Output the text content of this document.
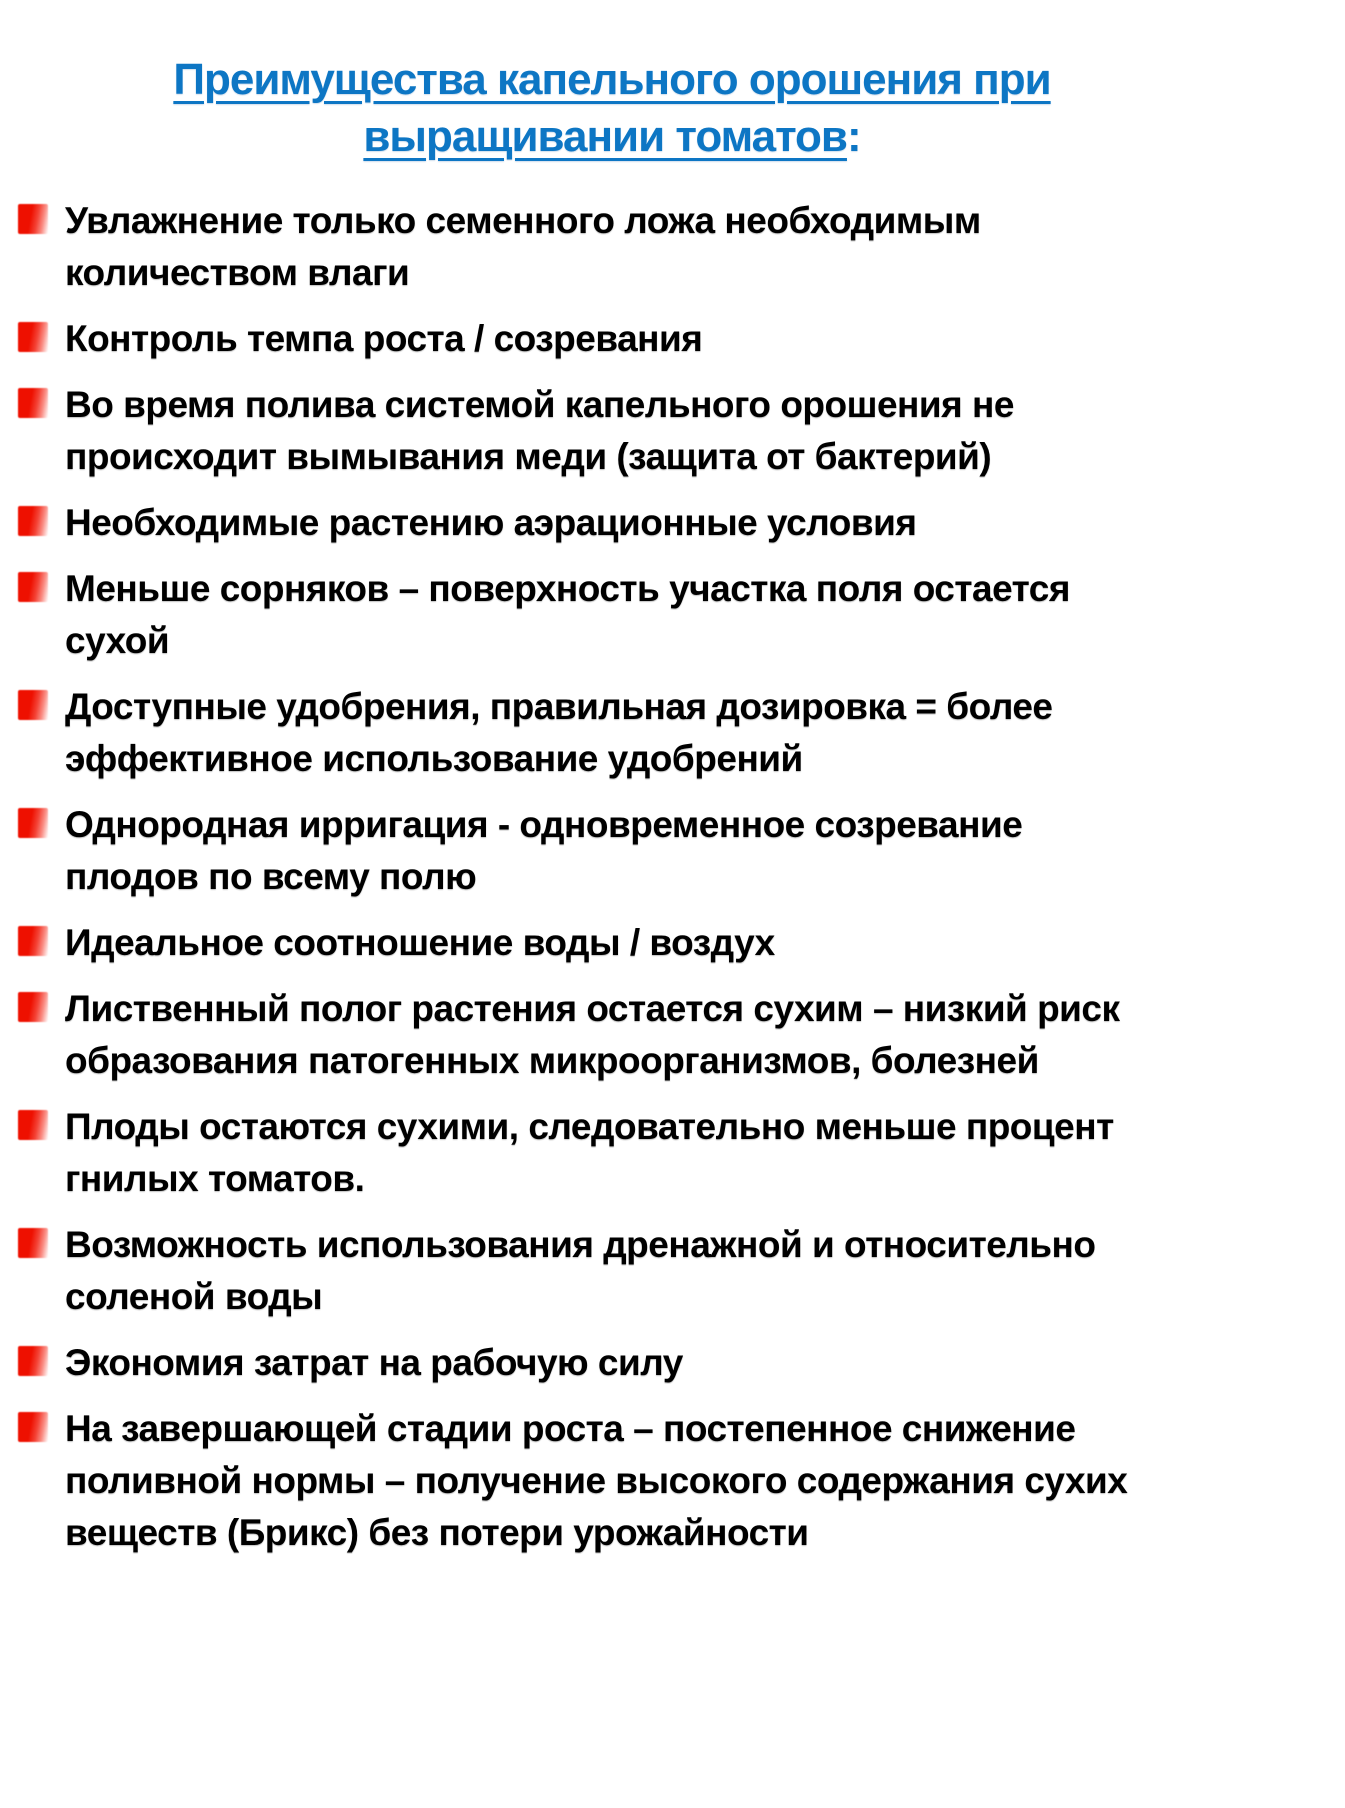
Преимущества капельного орошения при выращивании томатов:
Увлажнение только семенного ложа необходимым количеством влаги
Контроль темпа роста / созревания
Во время полива системой капельного орошения не происходит вымывания меди (защита от бактерий)
Необходимые растению аэрационные условия
Меньше сорняков – поверхность участка поля остается сухой
Доступные удобрения, правильная дозировка = более эффективное использование удобрений
Однородная ирригация - одновременное созревание плодов по всему полю
Идеальное соотношение воды / воздух
Лиственный полог растения остается сухим – низкий риск образования патогенных микроорганизмов, болезней
Плоды остаются сухими, следовательно меньше процент гнилых томатов.
Возможность использования дренажной и относительно соленой воды
Экономия затрат на рабочую силу
На завершающей стадии роста – постепенное снижение поливной нормы – получение высокого содержания сухих веществ (Брикс) без потери урожайности
